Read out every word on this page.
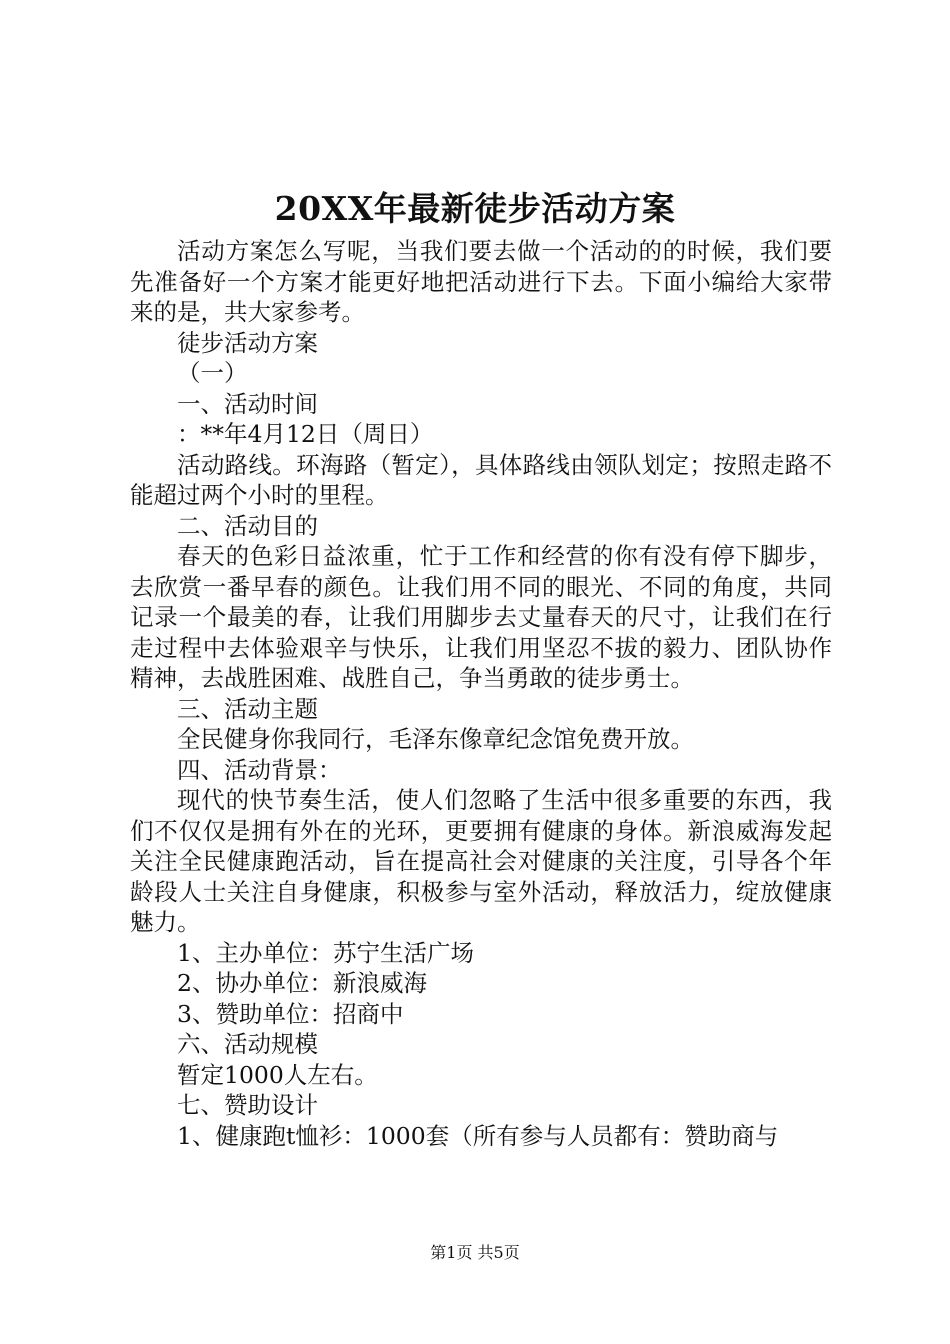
20XX年最新徒步活动方案

活动方案怎么写呢，当我们要去做一个活动的的时候，我们要先准备好一个方案才能更好地把活动进行下去。下面小编给大家带来的是，共大家参考。

徒步活动方案

（一）

一、活动时间

：**年4月12日（周日）

活动路线。环海路（暂定），具体路线由领队划定；按照走路不能超过两个小时的里程。

二、活动目的

春天的色彩日益浓重，忙于工作和经营的你有没有停下脚步，去欣赏一番早春的颜色。让我们用不同的眼光、不同的角度，共同记录一个最美的春，让我们用脚步去丈量春天的尺寸，让我们在行走过程中去体验艰辛与快乐，让我们用坚忍不拔的毅力、团队协作精神，去战胜困难、战胜自己，争当勇敢的徒步勇士。

三、活动主题

全民健身你我同行，毛泽东像章纪念馆免费开放。

四、活动背景：

现代的快节奏生活，使人们忽略了生活中很多重要的东西，我们不仅仅是拥有外在的光环，更要拥有健康的身体。新浪威海发起关注全民健康跑活动，旨在提高社会对健康的关注度，引导各个年龄段人士关注自身健康，积极参与室外活动，释放活力，绽放健康魅力。

1、主办单位：苏宁生活广场

2、协办单位：新浪威海

3、赞助单位：招商中

六、活动规模

暂定1000人左右。

七、赞助设计

1、健康跑t恤衫：1000套（所有参与人员都有：赞助商与

第1页 共5页
